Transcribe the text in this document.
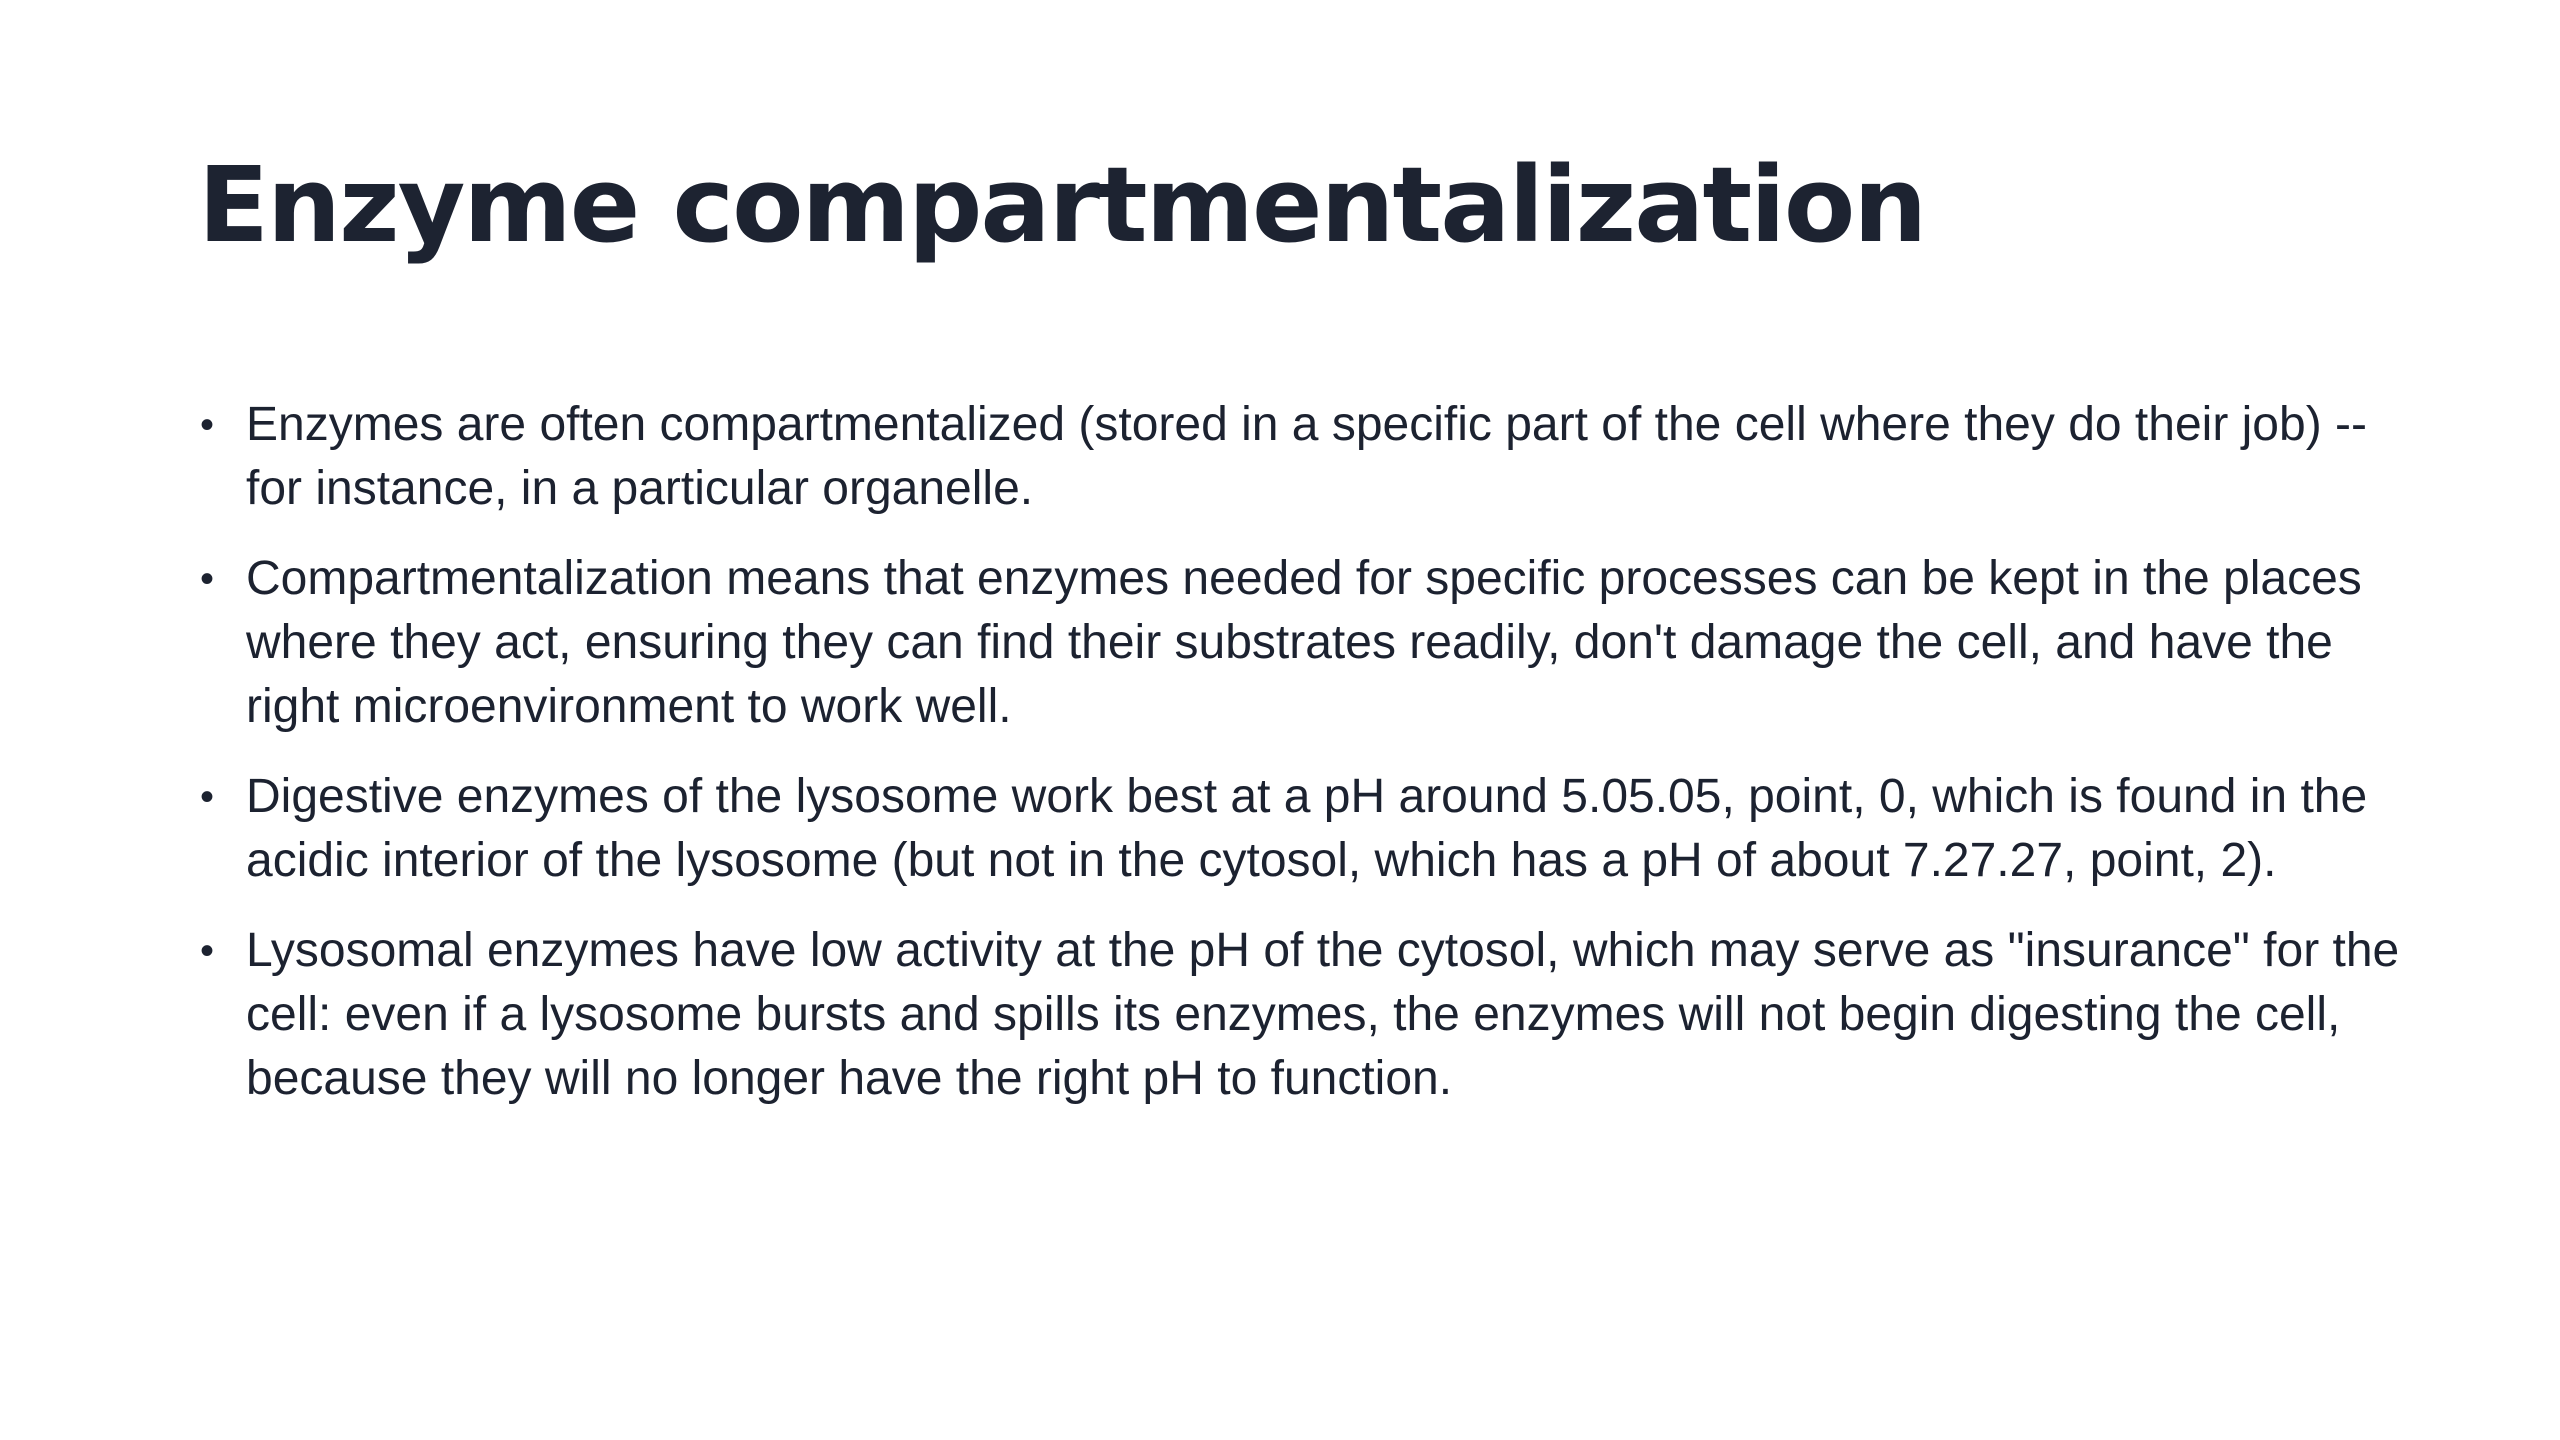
Enzyme compartmentalization
• Enzymes are often compartmentalized (stored in a specific part of the cell where they do their job) -- for instance, in a particular organelle.
• Compartmentalization means that enzymes needed for specific processes can be kept in the places where they act, ensuring they can find their substrates readily, don't damage the cell, and have the right microenvironment to work well.
• Digestive enzymes of the lysosome work best at a pH around 5.05.05, point, 0, which is found in the acidic interior of the lysosome (but not in the cytosol, which has a pH of about 7.27.27, point, 2).
• Lysosomal enzymes have low activity at the pH of the cytosol, which may serve as "insurance" for the cell: even if a lysosome bursts and spills its enzymes, the enzymes will not begin digesting the cell, because they will no longer have the right pH to function.
